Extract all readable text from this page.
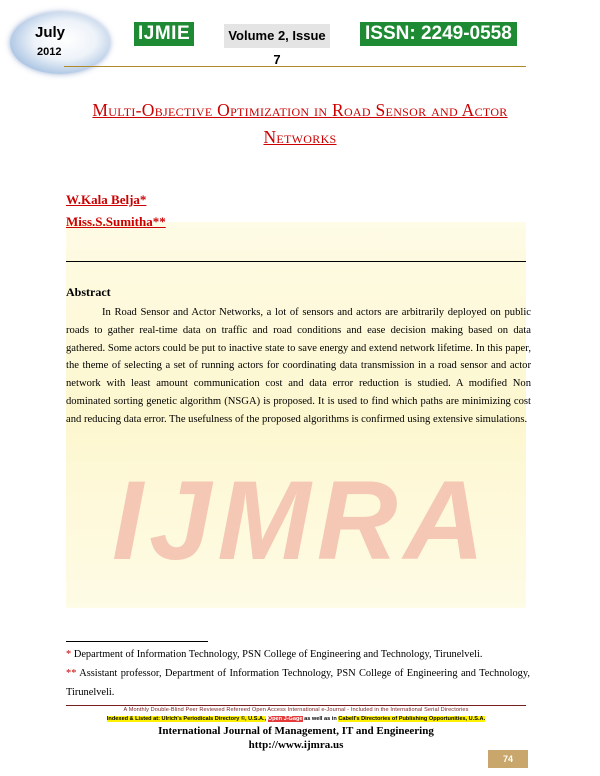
July
2012
IJMIE	Volume 2, Issue 7
ISSN: 2249-0558
IJMRA
Multi-Objective Optimization in Road Sensor and Actor Networks
W.Kala Belja*
Miss.S.Sumitha**
Abstract
In Road Sensor and Actor Networks, a lot of sensors and actors are arbitrarily deployed on public roads to gather real-time data on traffic and road conditions and ease decision making based on data gathered. Some actors could be put to inactive state to save energy and extend network lifetime. In this paper, the theme of selecting a set of running actors for coordinating data transmission in a road sensor and actor network with least amount communication cost and data error reduction is studied. A modified Non dominated sorting genetic algorithm (NSGA) is proposed. It is used to find which paths are minimizing cost and reducing data error. The usefulness of the proposed algorithms is confirmed using extensive simulations.
* Department of Information Technology, PSN College of Engineering and Technology, Tirunelveli.
** Assistant professor, Department of Information Technology, PSN College of Engineering and Technology, Tirunelveli.
A Monthly Double-Blind Peer Reviewed Refereed Open Access International e-Journal - Included in the International Serial Directories
Indexed & Listed at: Ulrich's Periodicals Directory ©, U.S.A., Open J-Gage as well as in Cabell's Directories of Publishing Opportunities, U.S.A.
International Journal of Management, IT and Engineering
http://www.ijmra.us
74
